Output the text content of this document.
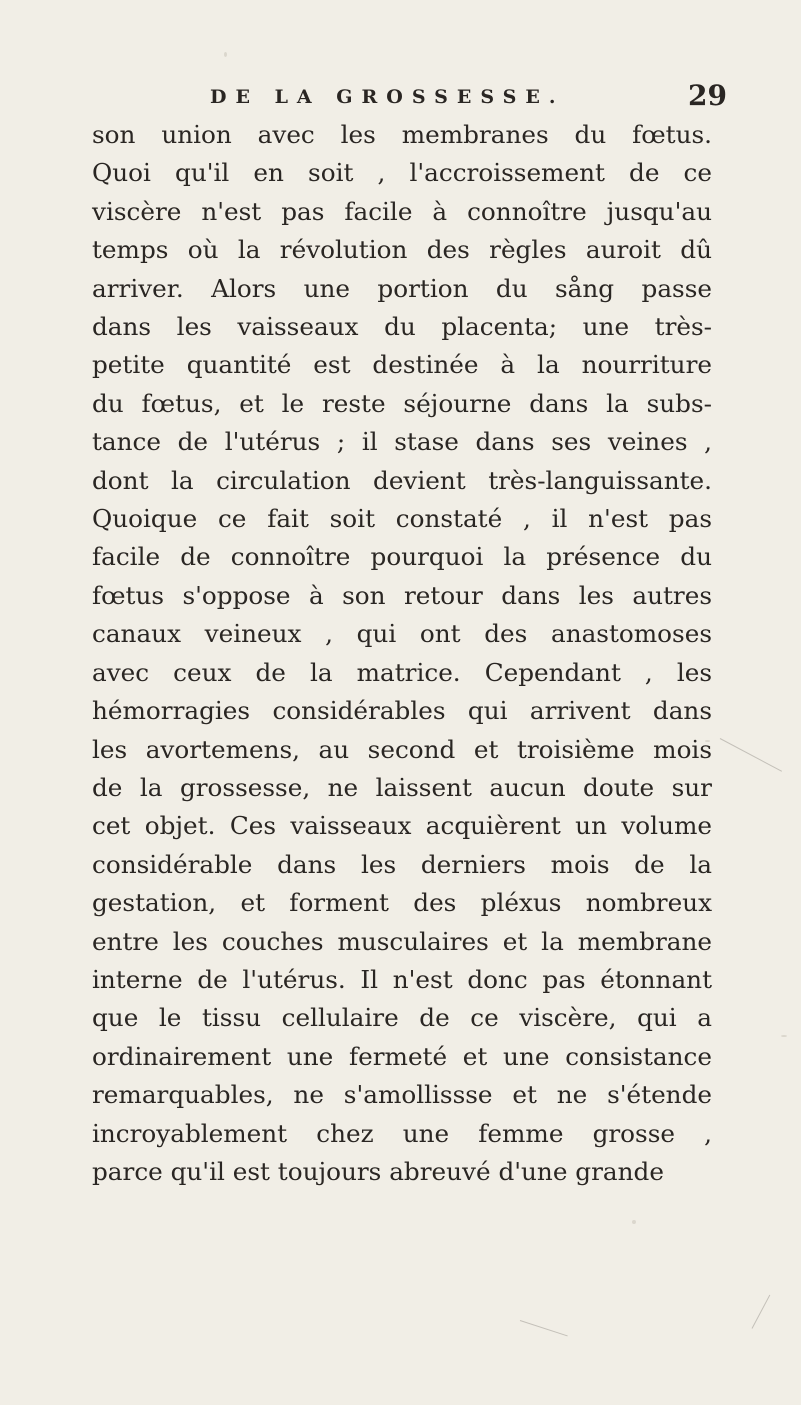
DE LA GROSSESSE.	29
son union avec les membranes du fœtus.
Quoi qu'il en soit , l'accroissement de ce
viscère n'est pas facile à connoître jusqu'au
temps où la révolution des règles auroit dû
arriver. Alors une portion du sång passe
dans les vaisseaux du placenta; une très-
petite quantité est destinée à la nourriture
du fœtus, et le reste séjourne dans la subs-
tance de l'utérus ; il stase dans ses veines ,
dont la circulation devient très-languissante.
Quoique ce fait soit constaté , il n'est pas
facile de connoître pourquoi la présence du
fœtus s'oppose à son retour dans les autres
canaux veineux , qui ont des anastomoses
avec ceux de la matrice. Cependant , les
hémorragies considérables qui arrivent dans
les avortemens, au second et troisième mois
de la grossesse, ne laissent aucun doute sur
cet objet. Ces vaisseaux acquièrent un volume
considérable dans les derniers mois de la
gestation, et forment des pléxus nombreux
entre les couches musculaires et la membrane
interne de l'utérus. Il n'est donc pas étonnant
que le tissu cellulaire de ce viscère, qui a
ordinairement une fermeté et une consistance
remarquables, ne s'amollissse et ne s'étende
incroyablement chez une femme grosse ,
parce qu'il est toujours abreuvé d'une grande
